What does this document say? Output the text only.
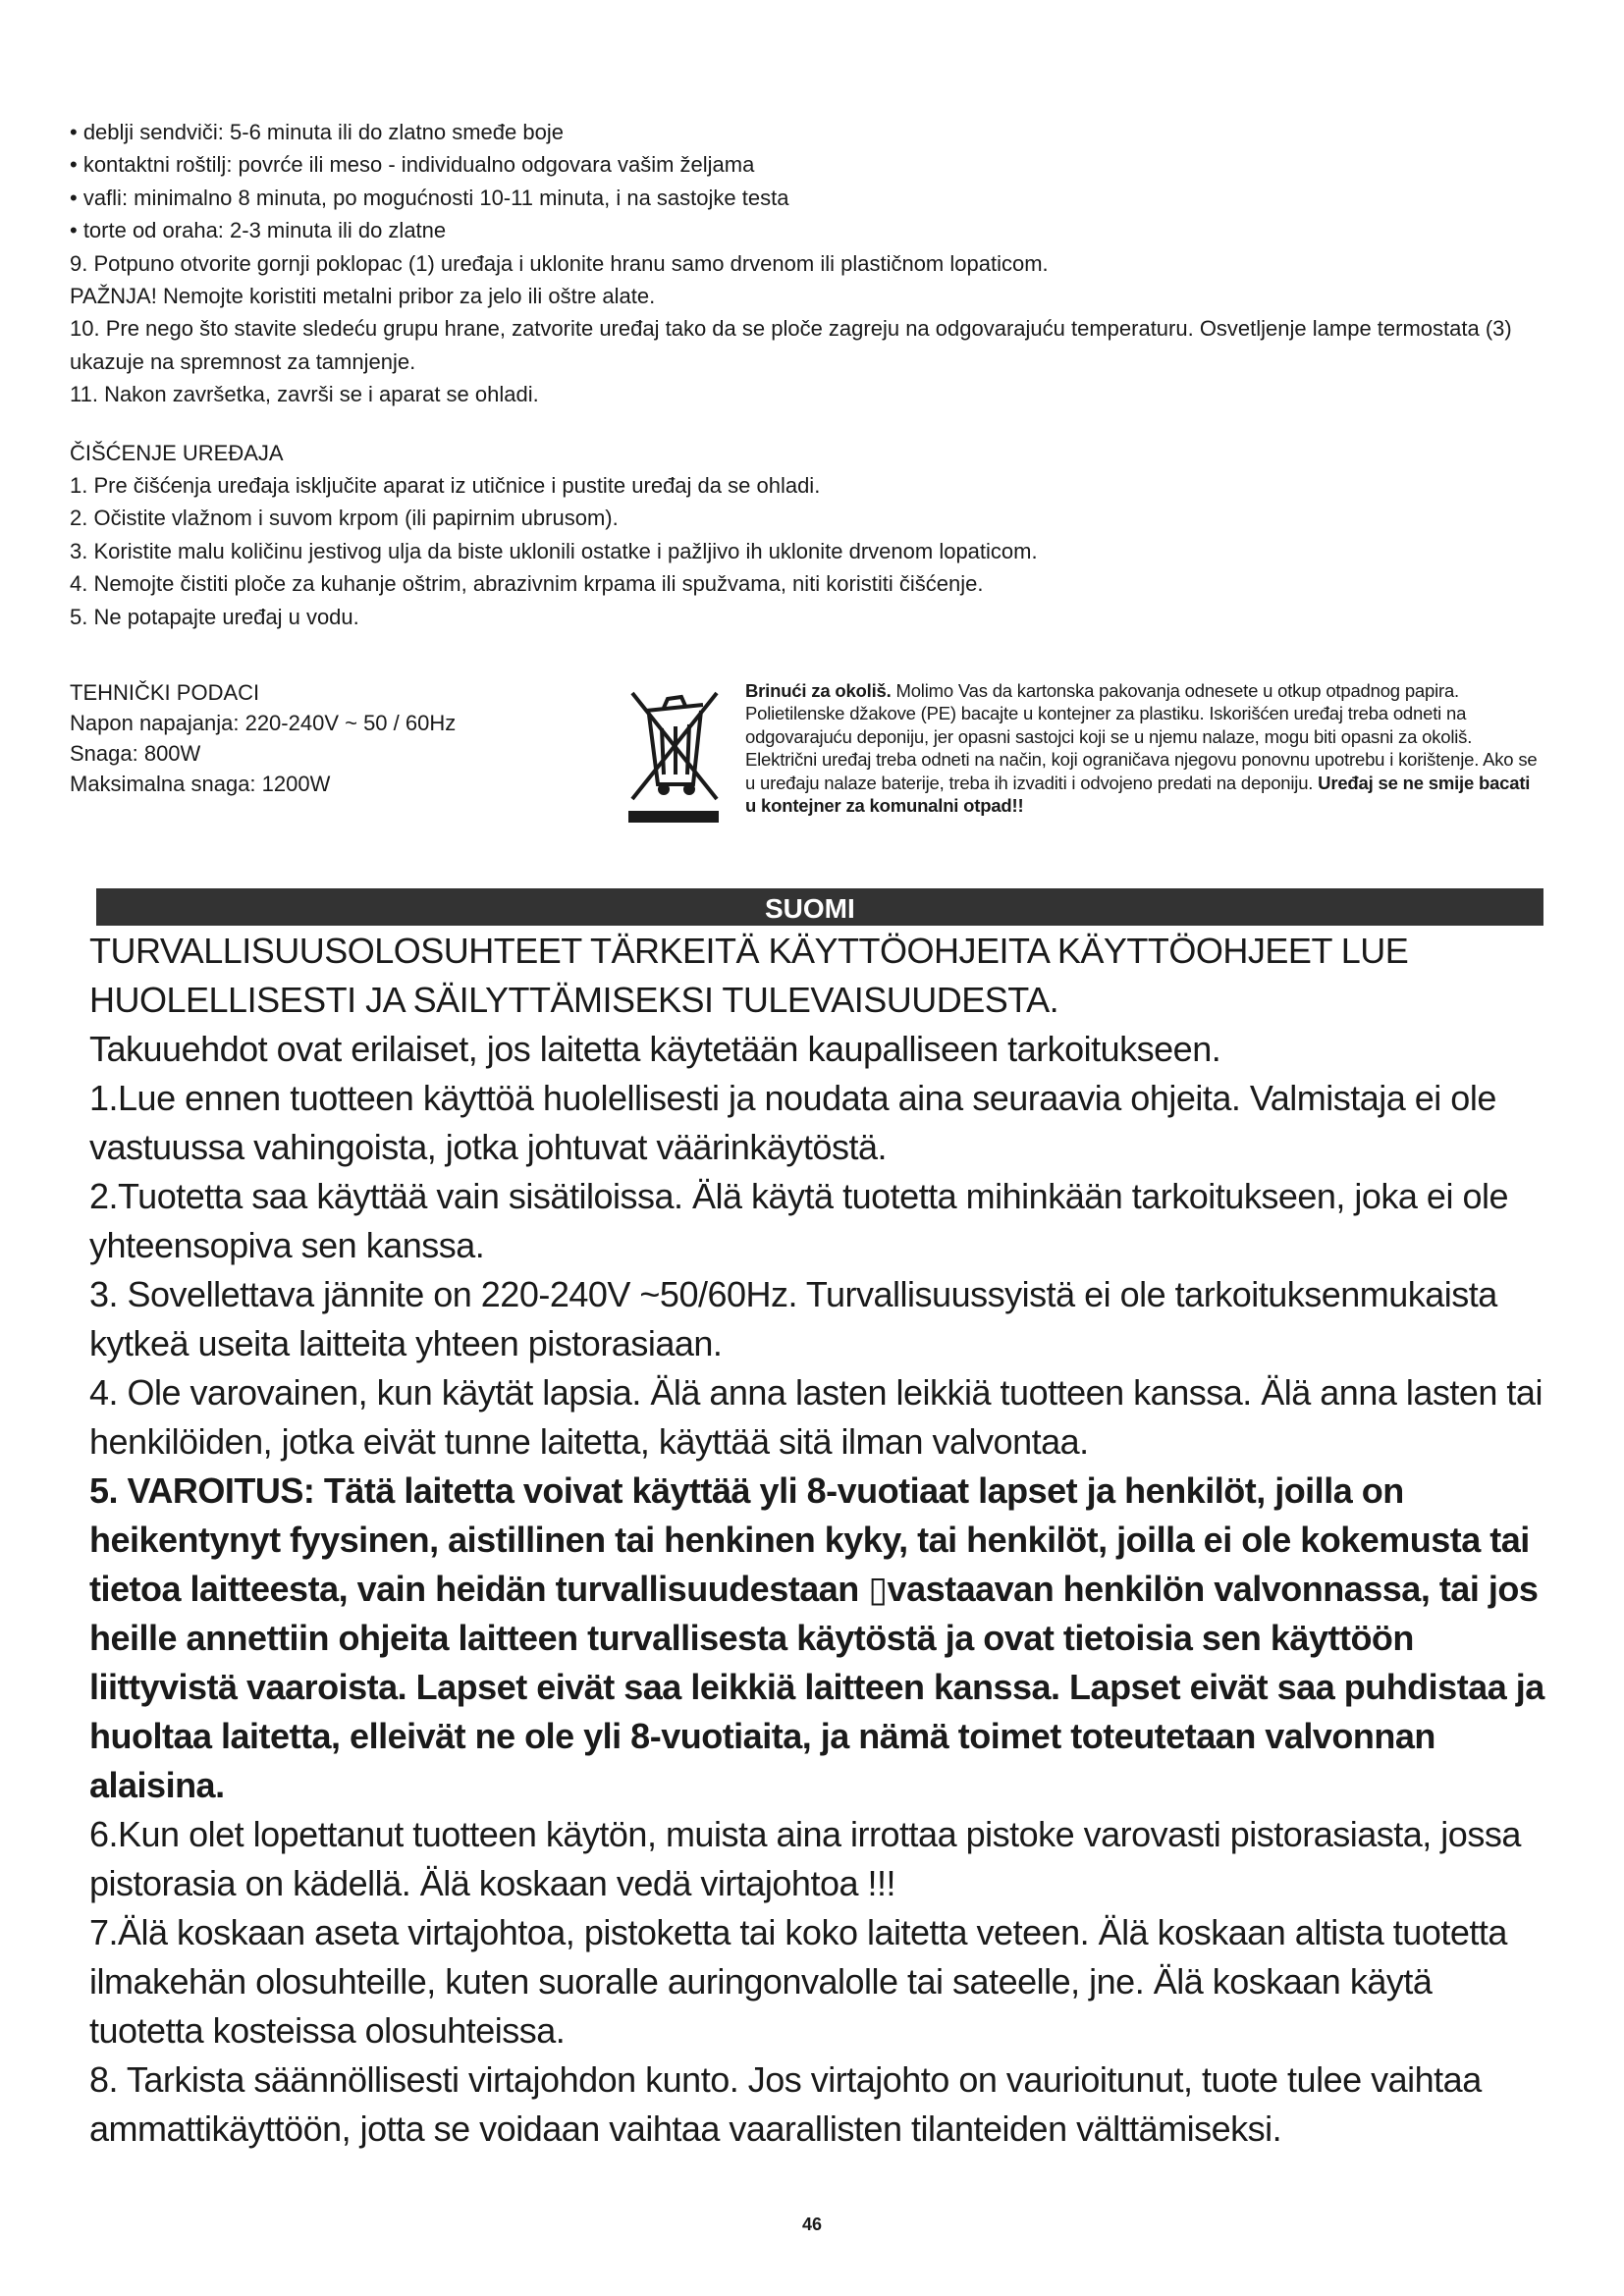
• deblji sendviči: 5-6 minuta ili do zlatno smeđe boje
• kontaktni roštilj: povrće ili meso - individualno odgovara vašim željama
• vafli: minimalno 8 minuta, po mogućnosti 10-11 minuta, i na sastojke testa
• torte od oraha: 2-3 minuta ili do zlatne
9. Potpuno otvorite gornji poklopac (1) uređaja i uklonite hranu samo drvenom ili plastičnom lopaticom.
PAŽNJA! Nemojte koristiti metalni pribor za jelo ili oštre alate.
10. Pre nego što stavite sledeću grupu hrane, zatvorite uređaj tako da se ploče zagreju na odgovarajuću temperaturu. Osvetljenje lampe termostata (3) ukazuje na spremnost za tamnjenje.
11. Nakon završetka, završi se i aparat se ohladi.
ČIŠĆENJE UREĐAJA
1. Pre čišćenja uređaja isključite aparat iz utičnice i pustite uređaj da se ohladi.
2. Očistite vlažnom i suvom krpom (ili papirnim ubrusom).
3. Koristite malu količinu jestivog ulja da biste uklonili ostatke i pažljivo ih uklonite drvenom lopaticom.
4. Nemojte čistiti ploče za kuhanje oštrim, abrazivnim krpama ili spužvama, niti koristiti čišćenje.
5. Ne potapajte uređaj u vodu.
TEHNIČKI PODACI
Napon napajanja: 220-240V ~ 50 / 60Hz
Snaga: 800W
Maksimalna snaga: 1200W
Brinući za okoliš. Molimo Vas da kartonska pakovanja odnesete u otkup otpadnog papira. Polietilenske džakove (PE) bacajte u kontejner za plastiku. Iskorišćen uređaj treba odneti na odgovarajuću deponiju, jer opasni sastojci koji se u njemu nalaze, mogu biti opasni za okoliš. Električni uređaj treba odneti na način, koji ograničava njegovu ponovnu upotrebu i korištenje. Ako se u uređaju nalaze baterije, treba ih izvaditi i odvojeno predati na deponiju. Uređaj se ne smije bacati u kontejner za komunalni otpad!!
SUOMI
TURVALLISUUSOLOSUHTEET TÄRKEITÄ KÄYTTÖOHJEITA KÄYTTÖOHJEET LUE HUOLELLISESTI JA SÄILYTTÄMISEKSI TULEVAISUUDESTA.
Takuuehdot ovat erilaiset, jos laitetta käytetään kaupalliseen tarkoitukseen.
1.Lue ennen tuotteen käyttöä huolellisesti ja noudata aina seuraavia ohjeita. Valmistaja ei ole vastuussa vahingoista, jotka johtuvat väärinkäytöstä.
2.Tuotetta saa käyttää vain sisätiloissa. Älä käytä tuotetta mihinkään tarkoitukseen, joka ei ole yhteensopiva sen kanssa.
3. Sovellettava jännite on 220-240V ~50/60Hz. Turvallisuussyistä ei ole tarkoituksenmukaista kytkeä useita laitteita yhteen pistorasiaan.
4. Ole varovainen, kun käytät lapsia. Älä anna lasten leikkiä tuotteen kanssa. Älä anna lasten tai henkilöiden, jotka eivät tunne laitetta, käyttää sitä ilman valvontaa.
5. VAROITUS: Tätä laitetta voivat käyttää yli 8-vuotiaat lapset ja henkilöt, joilla on heikentynyt fyysinen, aistillinen tai henkinen kyky, tai henkilöt, joilla ei ole kokemusta tai tietoa laitteesta, vain heidän turvallisuudestaan ▯vastaavan henkilön valvonnassa, tai jos heille annettiin ohjeita laitteen turvallisesta käytöstä ja ovat tietoisia sen käyttöön liittyvistä vaaroista. Lapset eivät saa leikkiä laitteen kanssa. Lapset eivät saa puhdistaa ja huoltaa laitetta, elleivät ne ole yli 8-vuotiaita, ja nämä toimet toteutetaan valvonnan alaisina.
6.Kun olet lopettanut tuotteen käytön, muista aina irrottaa pistoke varovasti pistorasiasta, jossa pistorasia on kädellä. Älä koskaan vedä virtajohtoa !!!
7.Älä koskaan aseta virtajohtoa, pistoketta tai koko laitetta veteen. Älä koskaan altista tuotetta ilmakehän olosuhteille, kuten suoralle auringonvalolle tai sateelle, jne. Älä koskaan käytä tuotetta kosteissa olosuhteissa.
8. Tarkista säännöllisesti virtajohdon kunto. Jos virtajohto on vaurioitunut, tuote tulee vaihtaa ammattikäyttöön, jotta se voidaan vaihtaa vaarallisten tilanteiden välttämiseksi.
46
